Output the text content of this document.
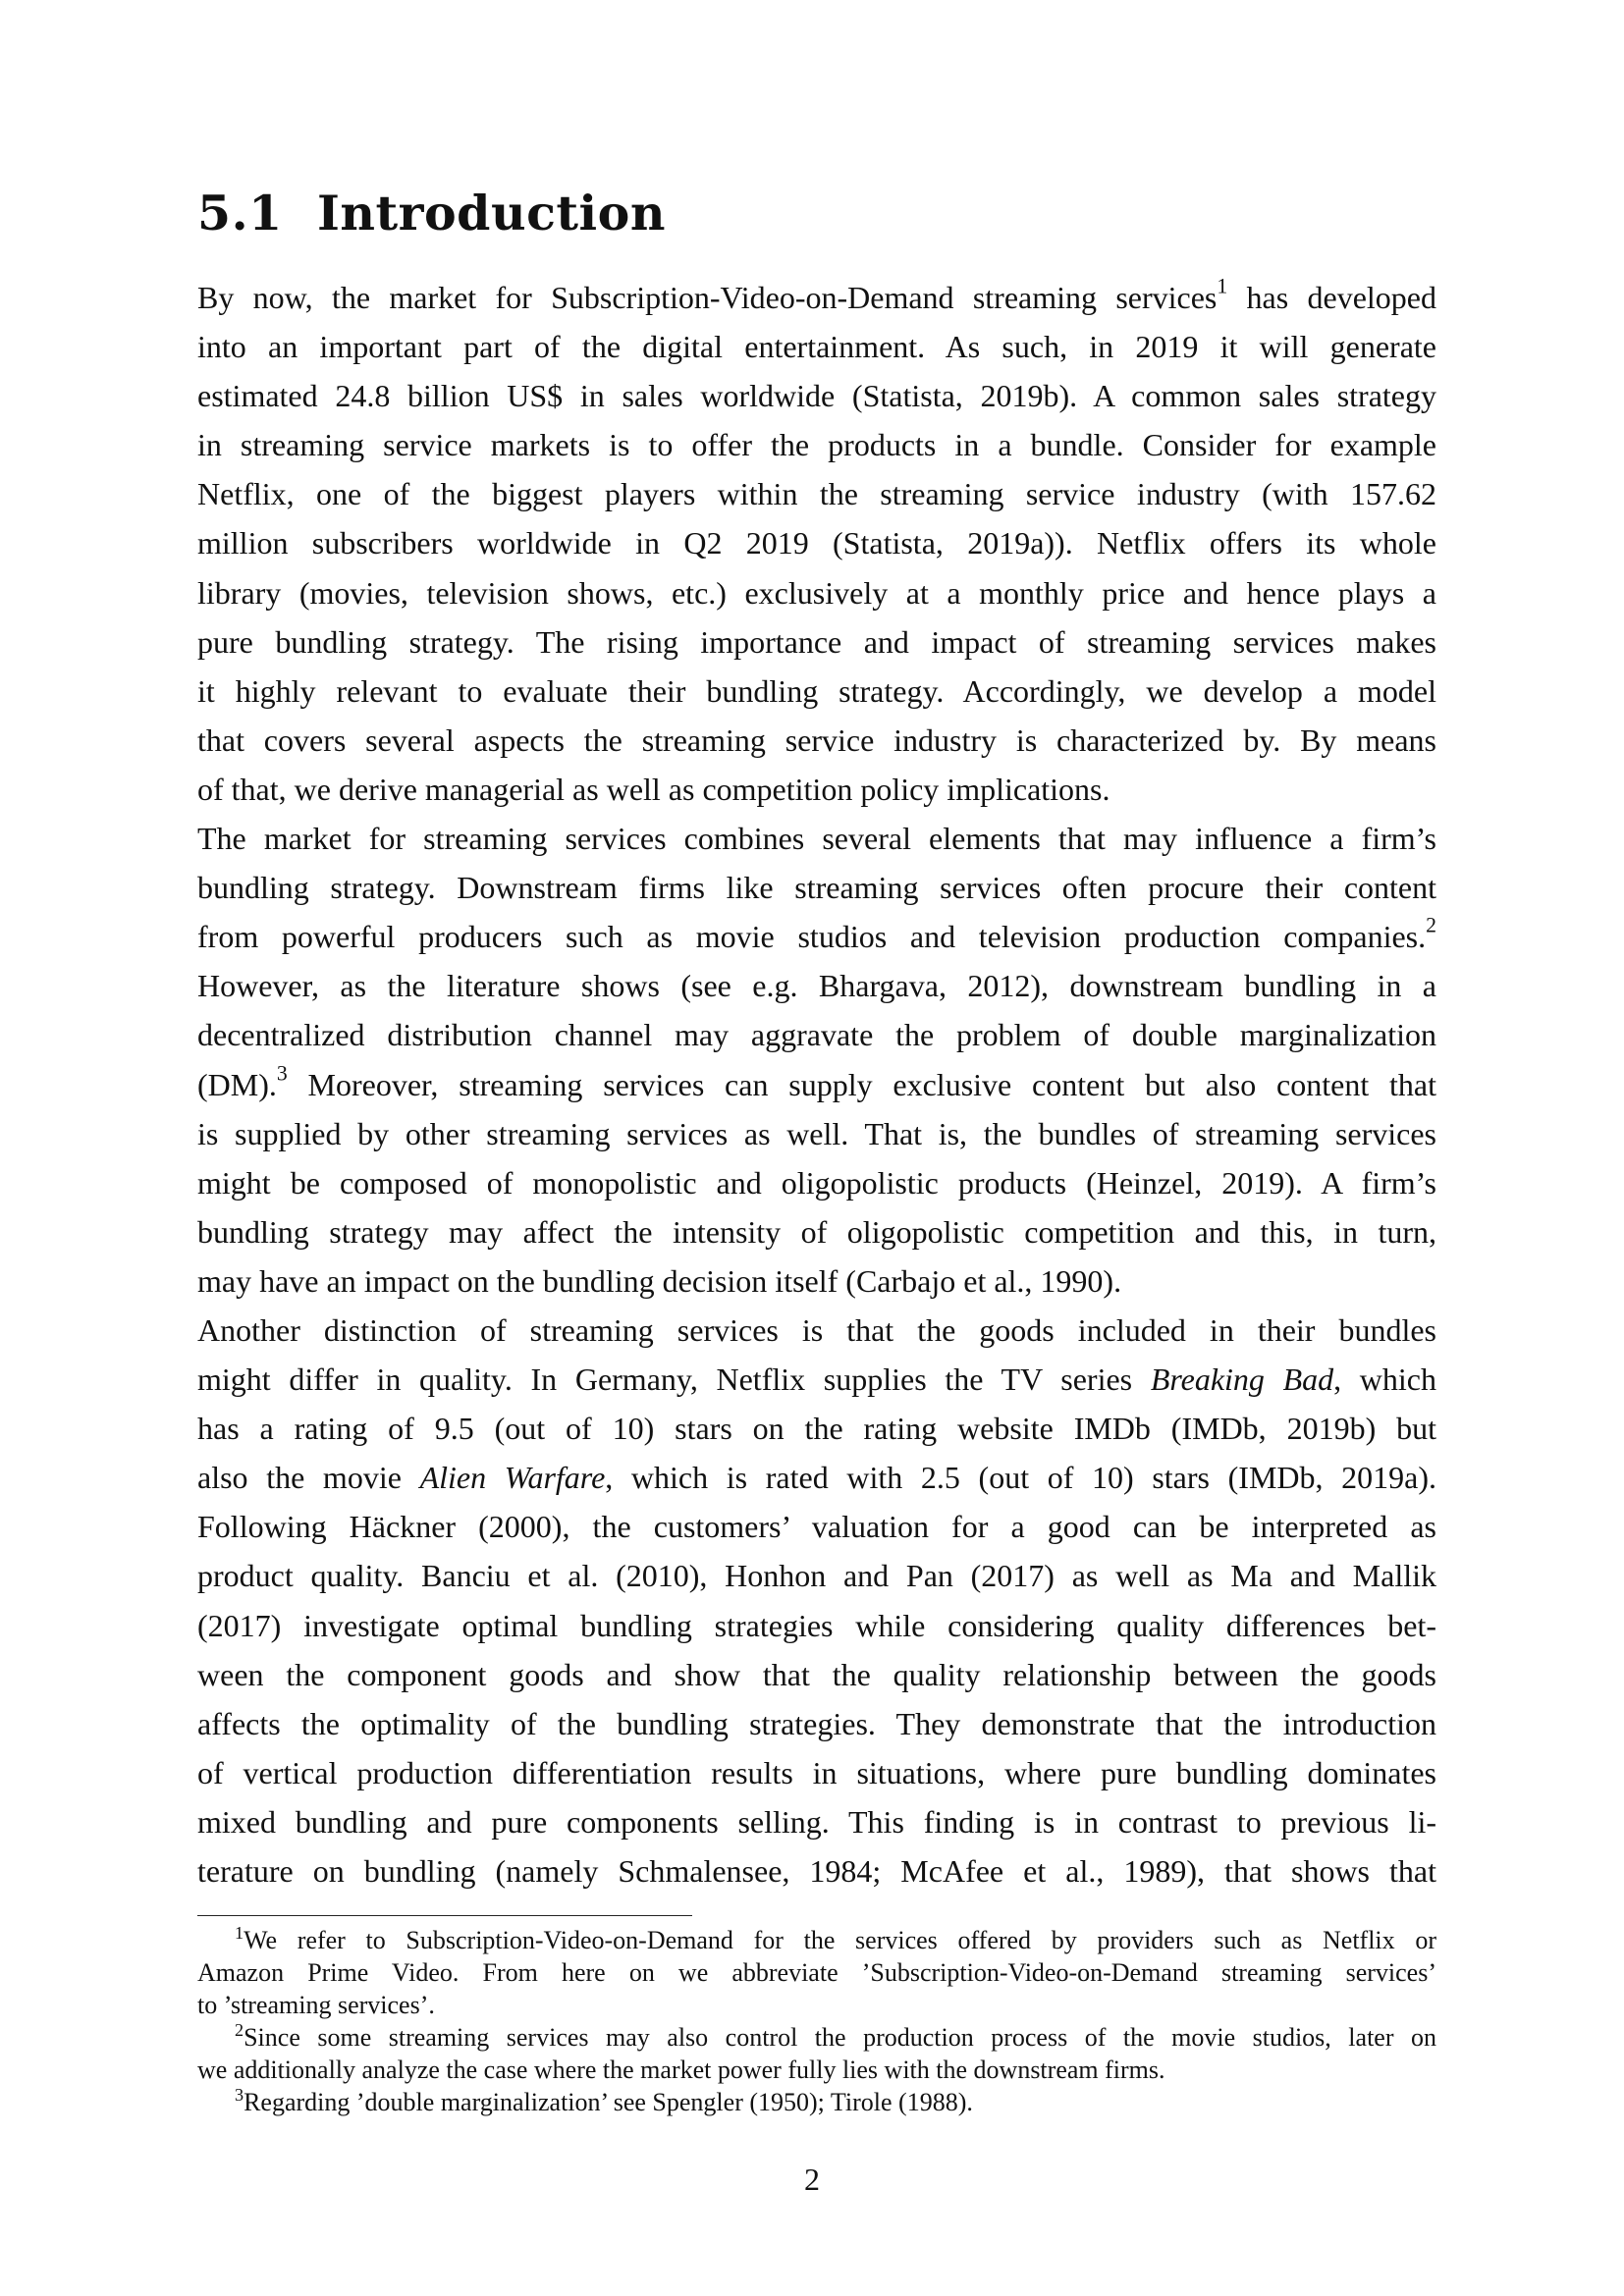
5.1 Introduction
By now, the market for Subscription-Video-on-Demand streaming services$^1$ has developed
into an important part of the digital entertainment. As such, in 2019 it will generate
estimated 24.8 billion US$ in sales worldwide (Statista, 2019b). A common sales strategy
in streaming service markets is to offer the products in a bundle. Consider for example
Netflix, one of the biggest players within the streaming service industry (with 157.62
million subscribers worldwide in Q2 2019 (Statista, 2019a)). Netflix offers its whole
library (movies, television shows, etc.) exclusively at a monthly price and hence plays a
pure bundling strategy. The rising importance and impact of streaming services makes
it highly relevant to evaluate their bundling strategy. Accordingly, we develop a model
that covers several aspects the streaming service industry is characterized by. By means
of that, we derive managerial as well as competition policy implications.
The market for streaming services combines several elements that may influence a firm’s
bundling strategy. Downstream firms like streaming services often procure their content
from powerful producers such as movie studios and television production companies.$^2$
However, as the literature shows (see e.g. Bhargava, 2012), downstream bundling in a
decentralized distribution channel may aggravate the problem of double marginalization
(DM).$^3$ Moreover, streaming services can supply exclusive content but also content that
is supplied by other streaming services as well. That is, the bundles of streaming services
might be composed of monopolistic and oligopolistic products (Heinzel, 2019). A firm’s
bundling strategy may affect the intensity of oligopolistic competition and this, in turn,
may have an impact on the bundling decision itself (Carbajo et al., 1990).
Another distinction of streaming services is that the goods included in their bundles
might differ in quality. In Germany, Netflix supplies the TV series Breaking Bad, which
has a rating of 9.5 (out of 10) stars on the rating website IMDb (IMDb, 2019b) but
also the movie Alien Warfare, which is rated with 2.5 (out of 10) stars (IMDb, 2019a).
Following Häckner (2000), the customers’ valuation for a good can be interpreted as
product quality. Banciu et al. (2010), Honhon and Pan (2017) as well as Ma and Mallik
(2017) investigate optimal bundling strategies while considering quality differences bet-
ween the component goods and show that the quality relationship between the goods
affects the optimality of the bundling strategies. They demonstrate that the introduction
of vertical production differentiation results in situations, where pure bundling dominates
mixed bundling and pure components selling. This finding is in contrast to previous li-
terature on bundling (namely Schmalensee, 1984; McAfee et al., 1989), that shows that
$^1$We refer to Subscription-Video-on-Demand for the services offered by providers such as Netflix or
Amazon Prime Video. From here on we abbreviate ’Subscription-Video-on-Demand streaming services’
to ’streaming services’.
$^2$Since some streaming services may also control the production process of the movie studios, later on
we additionally analyze the case where the market power fully lies with the downstream firms.
$^3$Regarding ’double marginalization’ see Spengler (1950); Tirole (1988).
2
